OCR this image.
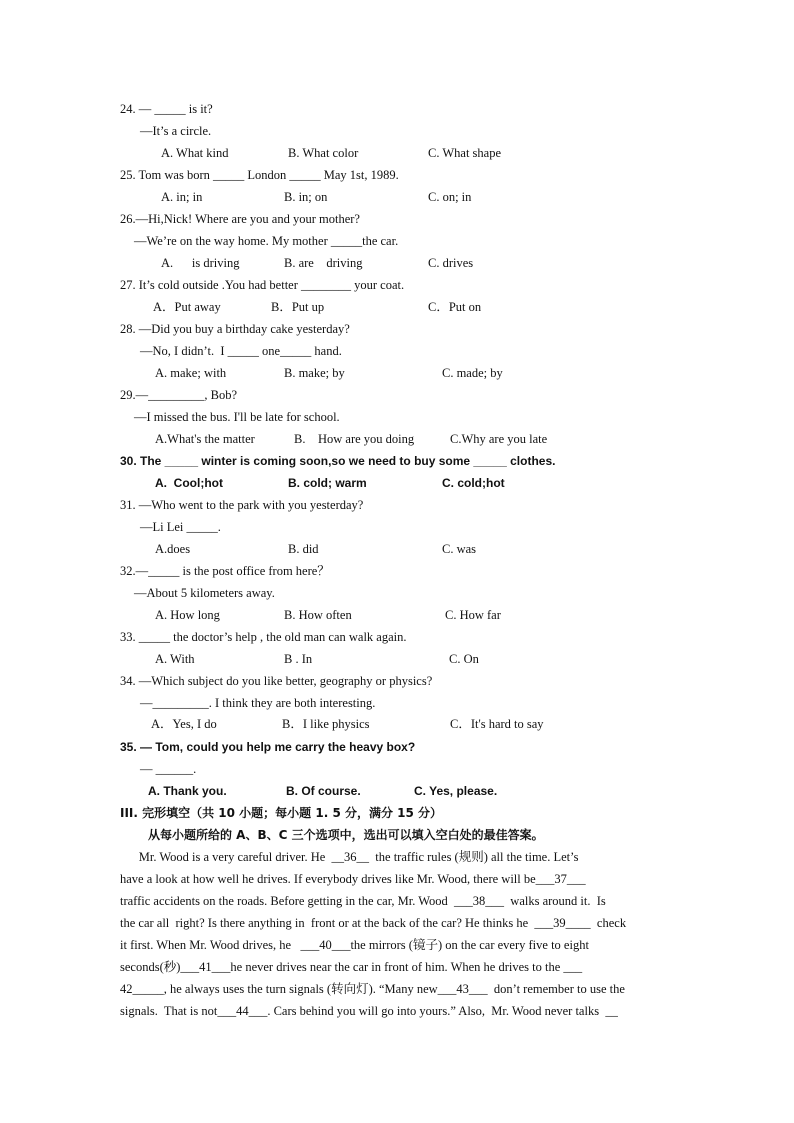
24. — _____ is it?
—It’s a circle.
A. What kind	B. What color	C. What shape
25. Tom was born _____ London _____ May 1st, 1989.
A. in; in	B. in; on	C. on; in
26.—Hi,Nick! Where are you and your mother?
—We’re on the way home. My mother _____the car.
A.      is driving	B. are    driving	C. drives
27. It’s cold outside .You had better ________ your coat.
A．Put away	B．Put up	C．Put on
28. —Did you buy a birthday cake yesterday?
—No, I didn’t.  I _____ one_____ hand.
A. make; with	B. make; by	C. made; by
29.—_________, Bob?
—I missed the bus. I'll be late for school.
A.What's the matter	B.    How are you doing	C.Why are you late
30. The _____ winter is coming soon,so we need to buy some _____ clothes.
A.  Cool;hot	B. cold; warm	C. cold;hot
31. —Who went to the park with you yesterday?
—Li Lei _____.
A.does	B. did	C. was
32.—_____ is the post office from here？
—About 5 kilometers away.
A. How long	B. How often	C. How far
33. _____ the doctor’s help , the old man can walk again.
A. With	B . In	C. On
34. —Which subject do you like better, geography or physics?
—_________. I think they are both interesting.
A．Yes, I do	B．I like physics	C．It's hard to say
35. — Tom, could you help me carry the heavy box?
— ______.
A. Thank you.	B. Of course.	C. Yes, please.
III. 完形填空（共 10 小题；每小题 1. 5 分，满分 15 分）
从每小题所给的 A、B、C 三个选项中，选出可以填入空白处的最佳答案。
Mr. Wood is a very careful driver. He  __36__  the traffic rules (规则) all the time. Let’s
have a look at how well he drives. If everybody drives like Mr. Wood, there will be___37___
traffic accidents on the roads. Before getting in the car, Mr. Wood  ___38___  walks around it.  Is
the car all  right? Is there anything in  front or at the back of the car? He thinks he  ___39____  check
it first. When Mr. Wood drives, he   ___40___the mirrors (镜子) on the car every five to eight
seconds(秒)___41___he never drives near the car in front of him. When he drives to the ___
42_____, he always uses the turn signals (转向灯). “Many new___43___  don’t remember to use the
signals.  That is not___44___. Cars behind you will go into yours.” Also,  Mr. Wood never talks  __
